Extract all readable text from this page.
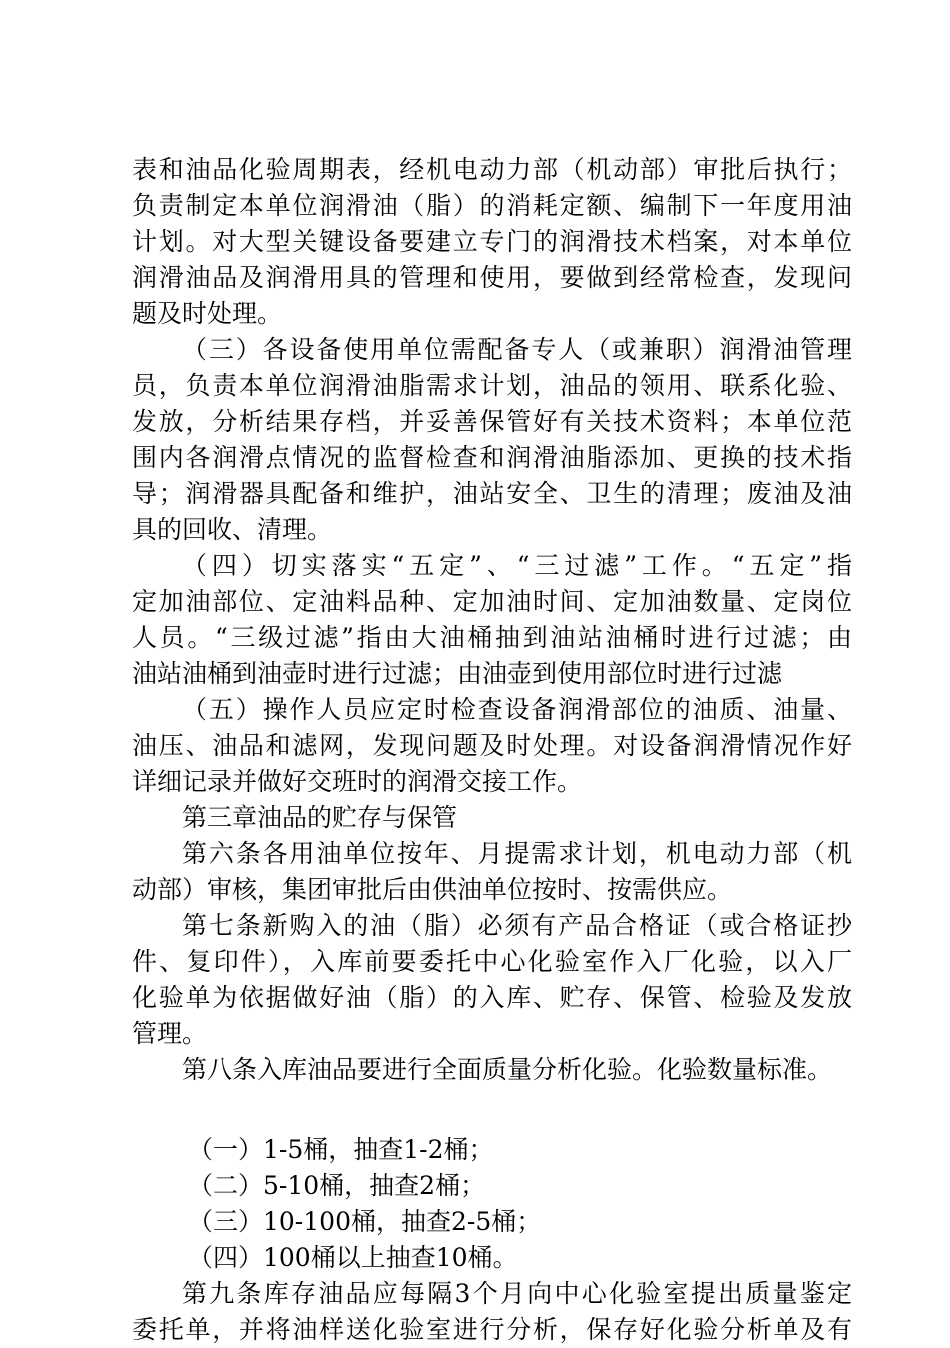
表和油品化验周期表，经机电动力部（机动部）审批后执行；
负责制定本单位润滑油（脂）的消耗定额、编制下一年度用油
计划。对大型关键设备要建立专门的润滑技术档案，对本单位
润滑油品及润滑用具的管理和使用，要做到经常检查，发现问
题及时处理。
（三）各设备使用单位需配备专人（或兼职）润滑油管理
员，负责本单位润滑油脂需求计划，油品的领用、联系化验、
发放，分析结果存档，并妥善保管好有关技术资料；本单位范
围内各润滑点情况的监督检查和润滑油脂添加、更换的技术指
导；润滑器具配备和维护，油站安全、卫生的清理；废油及油
具的回收、清理。
（四）切实落实“五定”、“三过滤”工作。“五定”指
定加油部位、定油料品种、定加油时间、定加油数量、定岗位
人员。“三级过滤”指由大油桶抽到油站油桶时进行过滤；由
油站油桶到油壶时进行过滤；由油壶到使用部位时进行过滤
（五）操作人员应定时检查设备润滑部位的油质、油量、
油压、油品和滤网，发现问题及时处理。对设备润滑情况作好
详细记录并做好交班时的润滑交接工作。
第三章油品的贮存与保管
第六条各用油单位按年、月提需求计划，机电动力部（机
动部）审核，集团审批后由供油单位按时、按需供应。
第七条新购入的油（脂）必须有产品合格证（或合格证抄
件、复印件），入库前要委托中心化验室作入厂化验，以入厂
化验单为依据做好油（脂）的入库、贮存、保管、检验及发放
管理。
第八条入库油品要进行全面质量分析化验。化验数量标准。
（一）1-5桶，抽查1-2桶；
（二）5-10桶，抽查2桶；
（三）10-100桶，抽查2-5桶；
（四）100桶以上抽查10桶。
第九条库存油品应每隔3个月向中心化验室提出质量鉴定
委托单，并将油样送化验室进行分析，保存好化验分析单及有
